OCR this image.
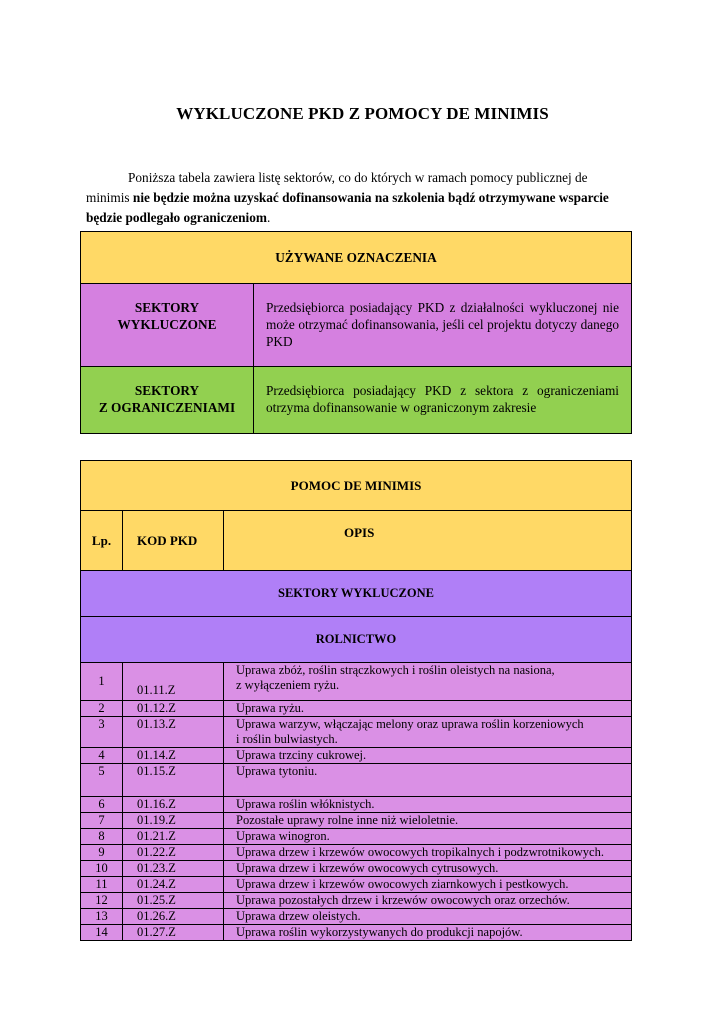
WYKLUCZONE PKD Z POMOCY DE MINIMIS
Poniższa tabela zawiera listę sektorów, co do których w ramach pomocy publicznej de minimis nie będzie można uzyskać dofinansowania na szkolenia bądź otrzymywane wsparcie będzie podlegało ograniczeniom.
UŻYWANE OZNACZENIA	

SEKTORY
WYKLUCZONE	Przedsiębiorca posiadający PKD z działalności wykluczonej nie może otrzymać dofinansowania, jeśli cel projektu dotyczy danego PKD

SEKTORY
Z OGRANICZENIAMI	Przedsiębiorca posiadający PKD z sektora z ograniczeniami otrzyma dofinansowanie w ograniczonym zakresie
POMOC DE MINIMIS		
Lp.	KOD PKD	OPIS
SEKTORY WYKLUCZONE		
ROLNICTWO		
1	01.11.Z	Uprawa zbóż, roślin strączkowych i roślin oleistych na nasiona,
z wyłączeniem ryżu.

2	01.12.Z	Uprawa ryżu.

3	01.13.Z	Uprawa warzyw, włączając melony oraz uprawa roślin korzeniowych
i roślin bulwiastych.

4	01.14.Z	Uprawa trzciny cukrowej.

5	01.15.Z	Uprawa tytoniu.

6	01.16.Z	Uprawa roślin włóknistych.

7	01.19.Z	Pozostałe uprawy rolne inne niż wieloletnie.

8	01.21.Z	Uprawa winogron.

9	01.22.Z	Uprawa drzew i krzewów owocowych tropikalnych i podzwrotnikowych.

10	01.23.Z	Uprawa drzew i krzewów owocowych cytrusowych.

11	01.24.Z	Uprawa drzew i krzewów owocowych ziarnkowych i pestkowych.

12	01.25.Z	Uprawa pozostałych drzew i krzewów owocowych oraz orzechów.

13	01.26.Z	Uprawa drzew oleistych.

14	01.27.Z	Uprawa roślin wykorzystywanych do produkcji napojów.
